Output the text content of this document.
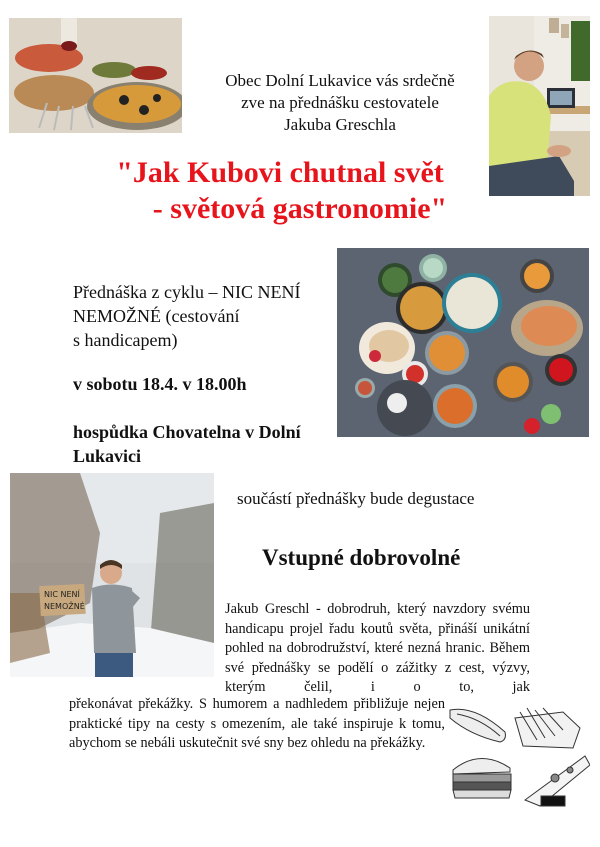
Obec Dolní Lukavice vás srdečně
zve na přednášku cestovatele
Jakuba Greschla
"Jak Kubovi chutnal svět
- světová gastronomie"
Přednáška z cyklu – NIC NENÍ
NEMOŽNÉ (cestování
s handicapem)
v sobotu 18.4. v 18.00h
hospůdka Chovatelna v Dolní
Lukavici
NIC NENÍ
NEMOŽNÉ
součástí přednášky bude degustace
Vstupné dobrovolné

Jakub Greschl - dobrodruh, který navzdory svému handicapu projel řadu koutů světa, přináší unikátní pohled na dobrodružství, které nezná hranic. Během své přednášky se podělí o zážitky z cest, výzvy, kterým čelil, i o to, jak

překonávat překážky. S humorem a nadhledem přibližuje nejen praktické tipy na cesty s omezením, ale také inspiruje k tomu, abychom se nebáli uskutečnit své sny bez ohledu na překážky.
